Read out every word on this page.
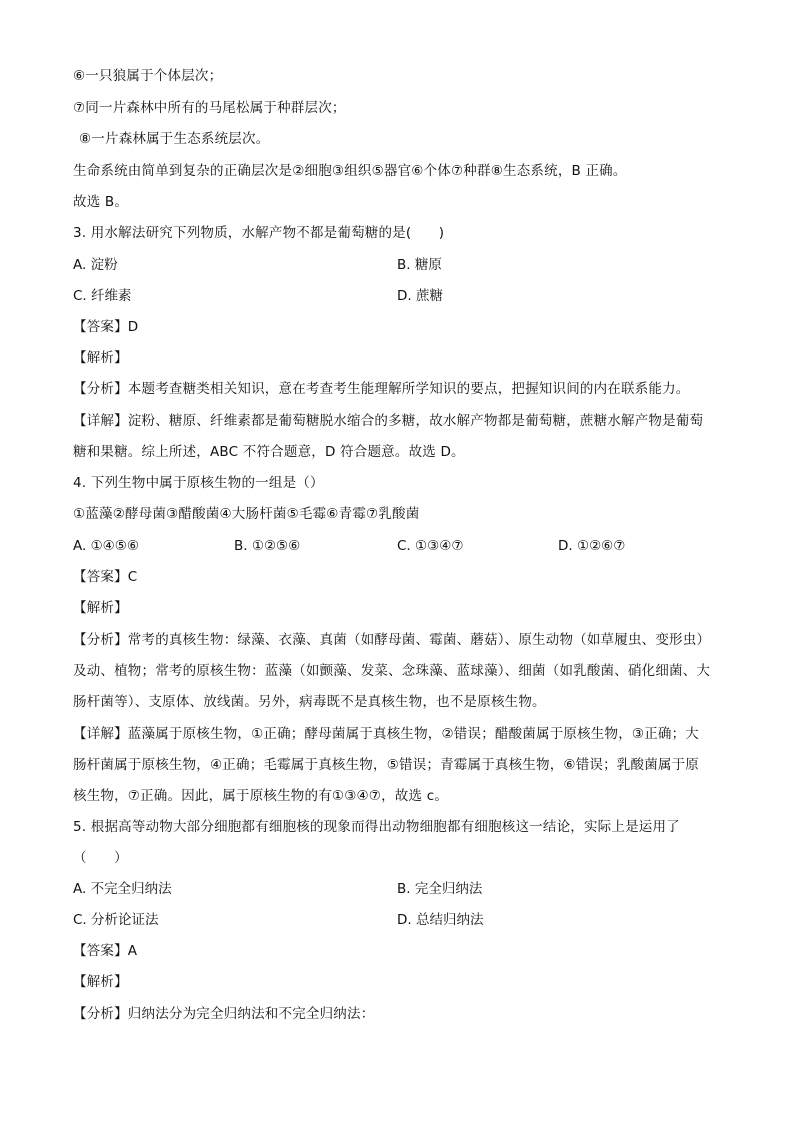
⑥一只狼属于个体层次；
⑦同一片森林中所有的马尾松属于种群层次；
⑧一片森林属于生态系统层次。
生命系统由简单到复杂的正确层次是②细胞③组织⑤器官⑥个体⑦种群⑧生态系统，B 正确。
故选 B。
3. 用水解法研究下列物质，水解产物不都是葡萄糖的是(　　)
A. 淀粉	B. 糖原
C. 纤维素	D. 蔗糖
【答案】D
【解析】
【分析】本题考查糖类相关知识，意在考查考生能理解所学知识的要点，把握知识间的内在联系能力。
【详解】淀粉、糖原、纤维素都是葡萄糖脱水缩合的多糖，故水解产物都是葡萄糖，蔗糖水解产物是葡萄
糖和果糖。综上所述，ABC 不符合题意，D 符合题意。故选 D。
4. 下列生物中属于原核生物的一组是（）
①蓝藻②酵母菌③醋酸菌④大肠杆菌⑤毛霉⑥青霉⑦乳酸菌
A. ①④⑤⑥	B. ①②⑤⑥	C. ①③④⑦	D. ①②⑥⑦
【答案】C
【解析】
【分析】常考的真核生物：绿藻、衣藻、真菌（如酵母菌、霉菌、蘑菇）、原生动物（如草履虫、变形虫）
及动、植物；常考的原核生物：蓝藻（如颤藻、发菜、念珠藻、蓝球藻）、细菌（如乳酸菌、硝化细菌、大
肠杆菌等）、支原体、放线菌。另外，病毒既不是真核生物，也不是原核生物。
【详解】蓝藻属于原核生物，①正确；酵母菌属于真核生物，②错误；醋酸菌属于原核生物，③正确；大
肠杆菌属于原核生物，④正确；毛霉属于真核生物，⑤错误；青霉属于真核生物，⑥错误；乳酸菌属于原
核生物，⑦正确。因此，属于原核生物的有①③④⑦，故选 c。
5. 根据高等动物大部分细胞都有细胞核的现象而得出动物细胞都有细胞核这一结论，实际上是运用了
（　　）
A. 不完全归纳法	B. 完全归纳法
C. 分析论证法	D. 总结归纳法
【答案】A
【解析】
【分析】归纳法分为完全归纳法和不完全归纳法：
